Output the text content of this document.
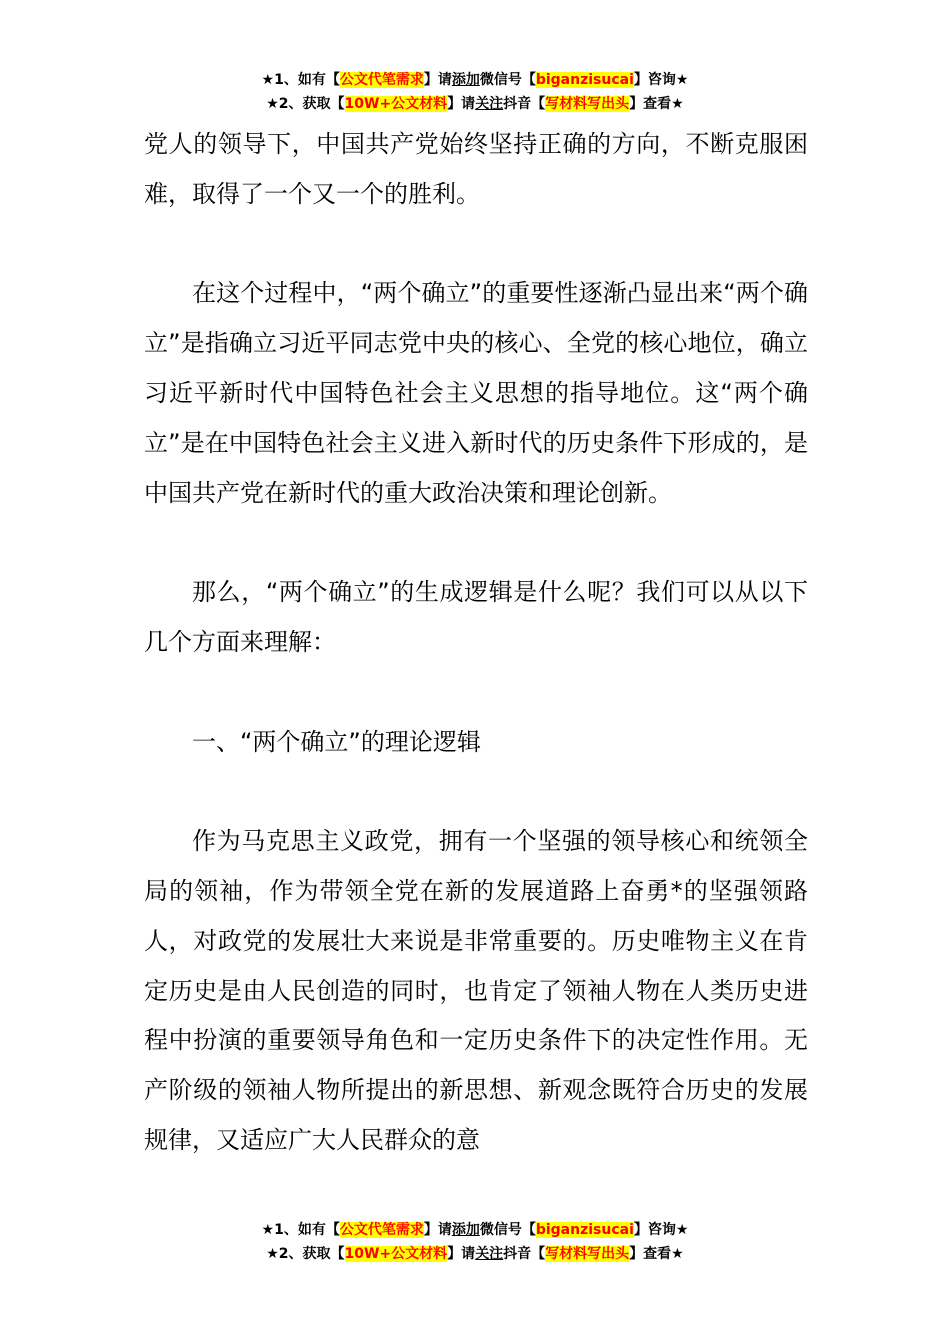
★1、如有【公文代笔需求】请添加微信号【biganzisucai】咨询★
★2、获取【10W+公文材料】请关注抖音【写材料写出头】查看★

党人的领导下，中国共产党始终坚持正确的方向，不断克服困难，取得了一个又一个的胜利。

在这个过程中，“两个确立”的重要性逐渐凸显出来“两个确立”是指确立习近平同志党中央的核心、全党的核心地位，确立习近平新时代中国特色社会主义思想的指导地位。这“两个确立”是在中国特色社会主义进入新时代的历史条件下形成的，是中国共产党在新时代的重大政治决策和理论创新。

那么，“两个确立”的生成逻辑是什么呢？我们可以从以下几个方面来理解：

一、“两个确立”的理论逻辑

作为马克思主义政党，拥有一个坚强的领导核心和统领全局的领袖，作为带领全党在新的发展道路上奋勇*的坚强领路人，对政党的发展壮大来说是非常重要的。历史唯物主义在肯定历史是由人民创造的同时，也肯定了领袖人物在人类历史进程中扮演的重要领导角色和一定历史条件下的决定性作用。无产阶级的领袖人物所提出的新思想、新观念既符合历史的发展规律，又适应广大人民群众的意

★1、如有【公文代笔需求】请添加微信号【biganzisucai】咨询★
★2、获取【10W+公文材料】请关注抖音【写材料写出头】查看★
